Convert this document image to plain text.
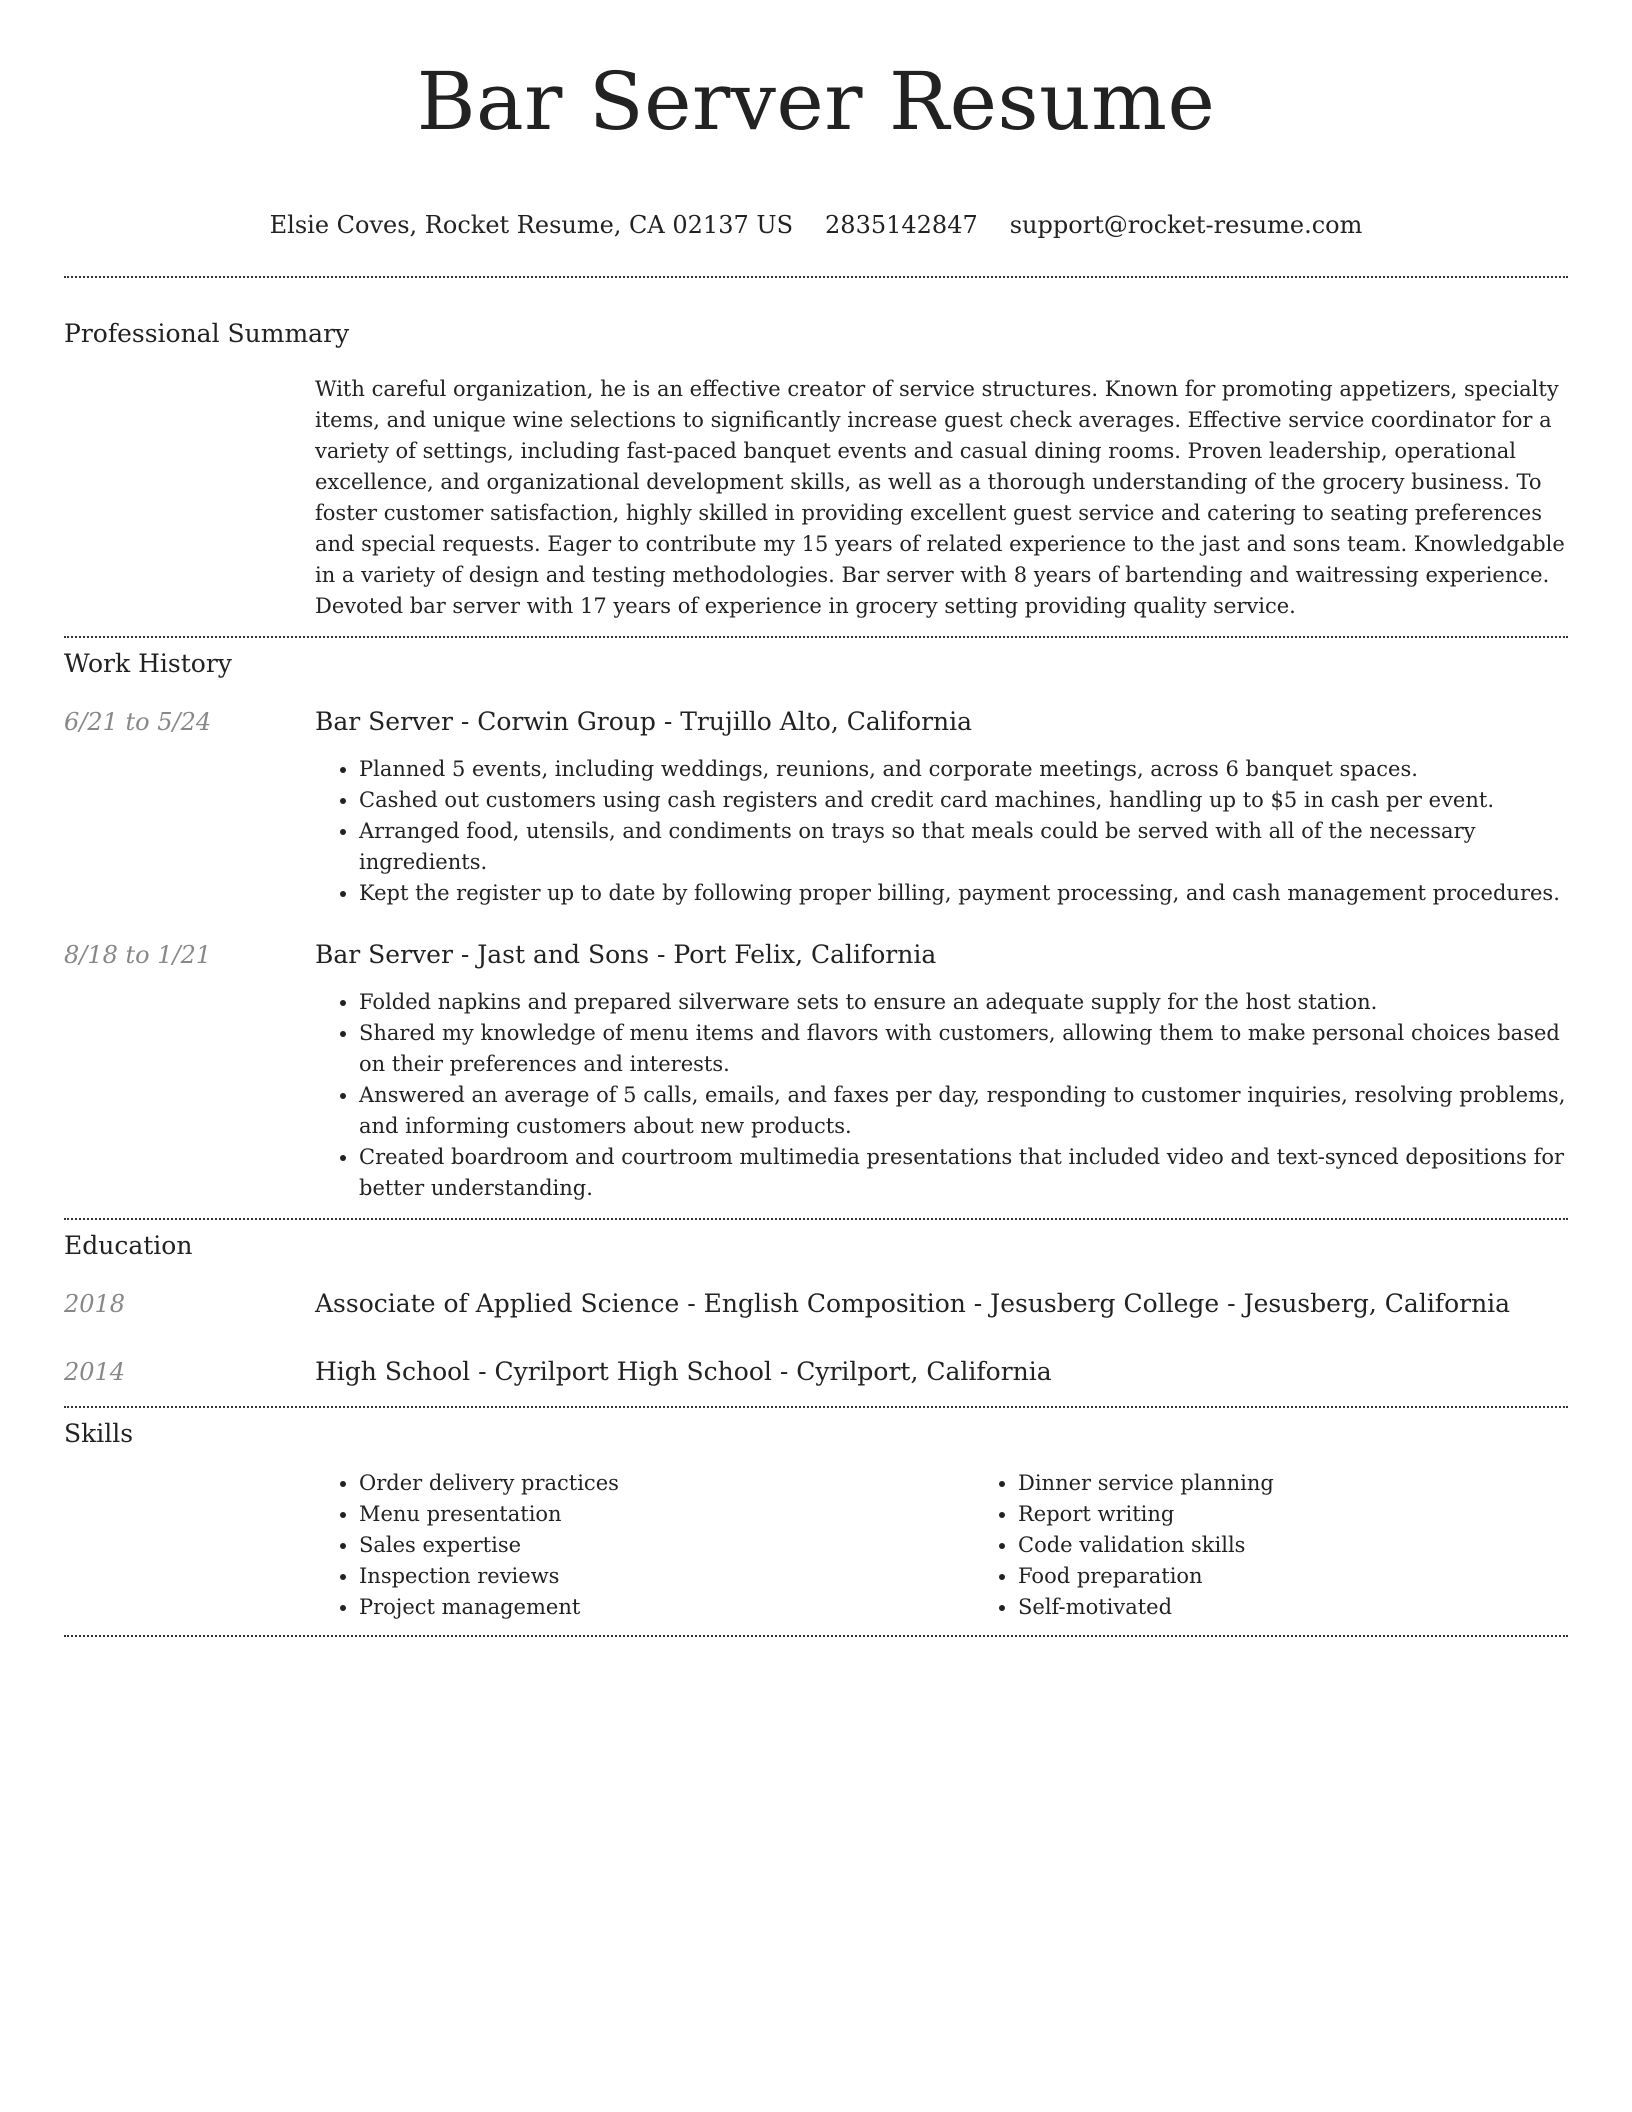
Bar Server Resume
Elsie Coves, Rocket Resume, CA 02137 US 2835142847 support@rocket-resume.com
Professional Summary

With careful organization, he is an effective creator of service structures. Known for promoting appetizers, specialty items, and unique wine selections to significantly increase guest check averages. Effective service coordinator for a variety of settings, including fast-paced banquet events and casual dining rooms. Proven leadership, operational excellence, and organizational development skills, as well as a thorough understanding of the grocery business. To foster customer satisfaction, highly skilled in providing excellent guest service and catering to seating preferences and special requests. Eager to contribute my 15 years of related experience to the jast and sons team. Knowledgable in a variety of design and testing methodologies. Bar server with 8 years of bartending and waitressing experience. Devoted bar server with 17 years of experience in grocery setting providing quality service.

Work History
6/21 to 5/24	Bar Server - Corwin Group - Trujillo Alto, California
• Planned 5 events, including weddings, reunions, and corporate meetings, across 6 banquet spaces.
• Cashed out customers using cash registers and credit card machines, handling up to $5 in cash per event.
• Arranged food, utensils, and condiments on trays so that meals could be served with all of the necessary ingredients.
• Kept the register up to date by following proper billing, payment processing, and cash management procedures.
8/18 to 1/21	Bar Server - Jast and Sons - Port Felix, California
• Folded napkins and prepared silverware sets to ensure an adequate supply for the host station.
• Shared my knowledge of menu items and flavors with customers, allowing them to make personal choices based on their preferences and interests.
• Answered an average of 5 calls, emails, and faxes per day, responding to customer inquiries, resolving problems, and informing customers about new products.
• Created boardroom and courtroom multimedia presentations that included video and text-synced depositions for better understanding.
Education
2018	Associate of Applied Science - English Composition - Jesusberg College - Jesusberg, California
2014	High School - Cyrilport High School - Cyrilport, California
Skills
• Order delivery practices
• Menu presentation
• Sales expertise
• Inspection reviews
• Project management
• Dinner service planning
• Report writing
• Code validation skills
• Food preparation
• Self-motivated
